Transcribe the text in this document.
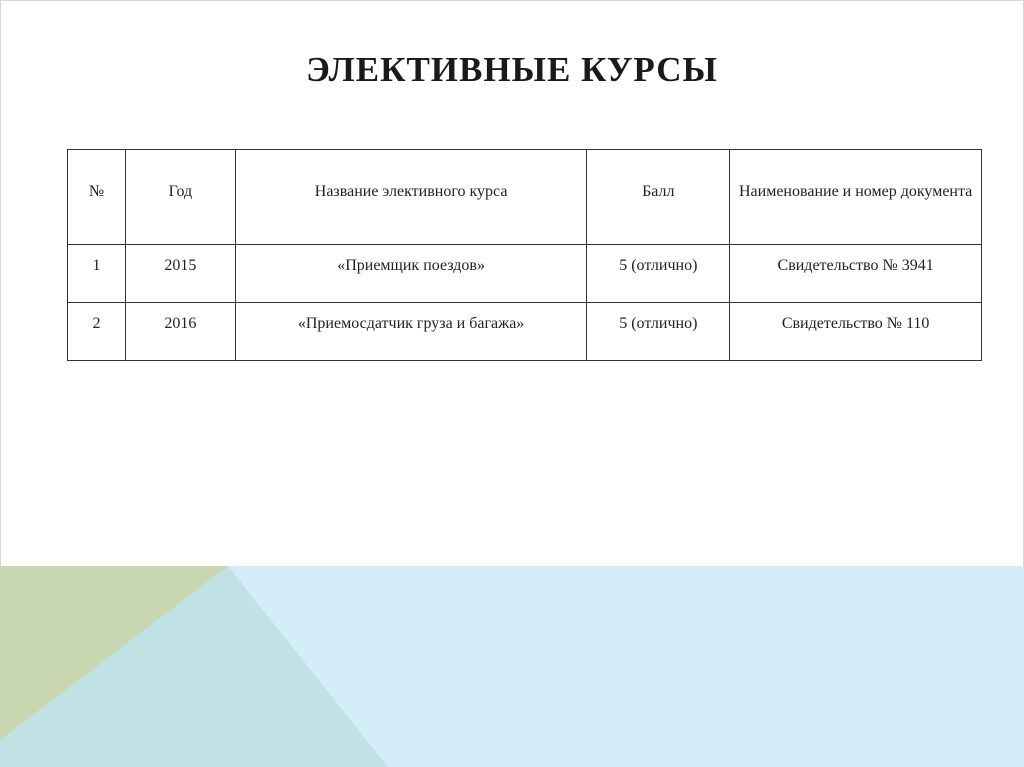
ЭЛЕКТИВНЫЕ КУРСЫ
№	Год	Название элективного курса	Балл	Наименование и номер документа
1	2015	«Приемщик поездов»	5 (отлично)	Свидетельство № 3941
2	2016	«Приемосдатчик груза и багажа»	5 (отлично)	Свидетельство № 110
